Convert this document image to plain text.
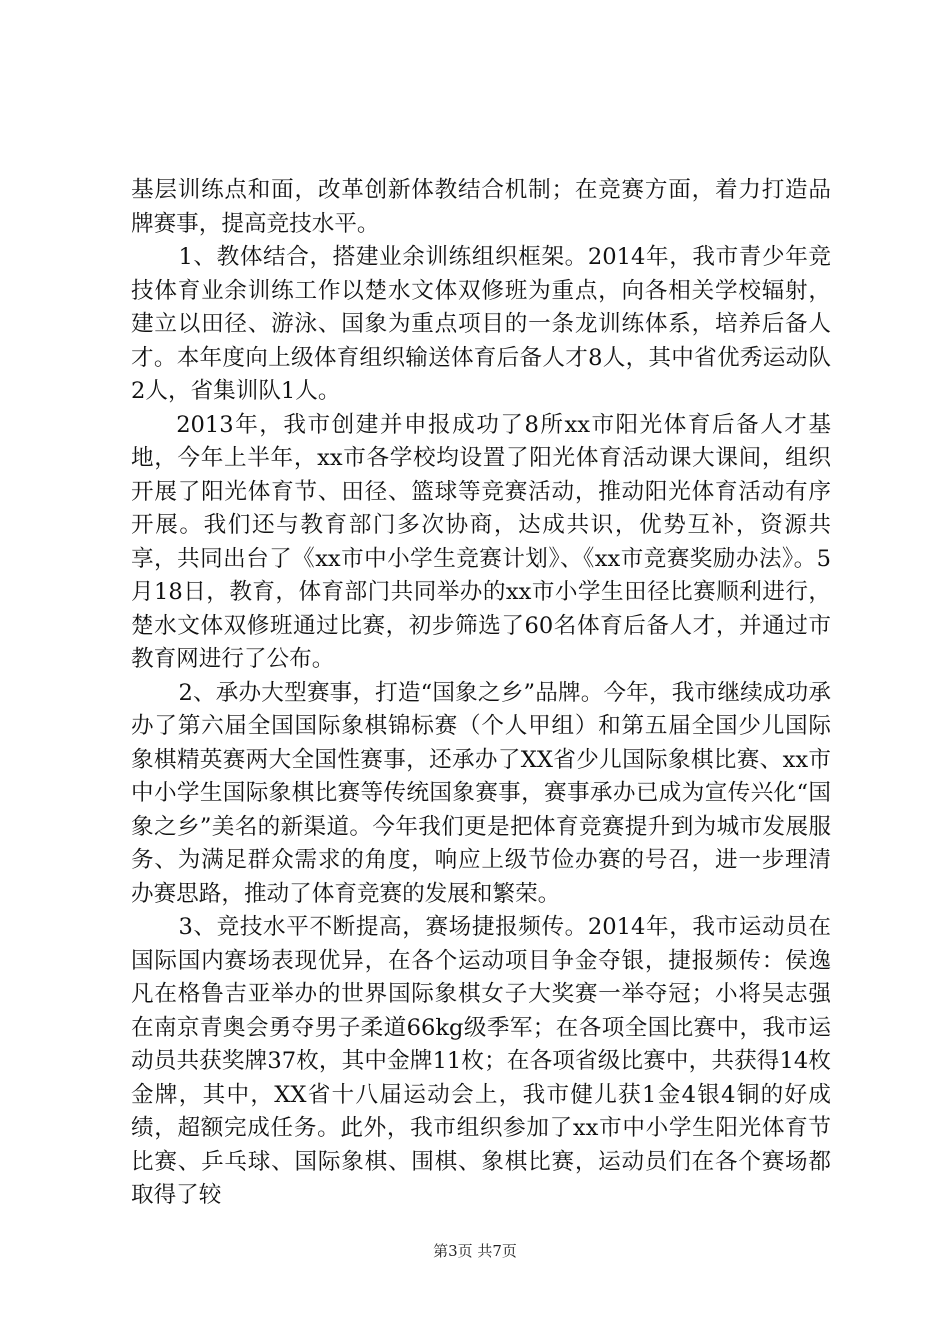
基层训练点和面，改革创新体教结合机制；在竞赛方面，着力打造品牌赛事，提高竞技水平。

1、教体结合，搭建业余训练组织框架。2014年，我市青少年竞技体育业余训练工作以楚水文体双修班为重点，向各相关学校辐射，建立以田径、游泳、国象为重点项目的一条龙训练体系，培养后备人才。本年度向上级体育组织输送体育后备人才8人，其中省优秀运动队2人，省集训队1人。

2013年，我市创建并申报成功了8所xx市阳光体育后备人才基地，今年上半年，xx市各学校均设置了阳光体育活动课大课间，组织开展了阳光体育节、田径、篮球等竞赛活动，推动阳光体育活动有序开展。我们还与教育部门多次协商，达成共识，优势互补，资源共享，共同出台了《xx市中小学生竞赛计划》、《xx市竞赛奖励办法》。5月18日，教育，体育部门共同举办的xx市小学生田径比赛顺利进行，楚水文体双修班通过比赛，初步筛选了60名体育后备人才，并通过市教育网进行了公布。

2、承办大型赛事，打造“国象之乡”品牌。今年，我市继续成功承办了第六届全国国际象棋锦标赛（个人甲组）和第五届全国少儿国际象棋精英赛两大全国性赛事，还承办了XX省少儿国际象棋比赛、xx市中小学生国际象棋比赛等传统国象赛事，赛事承办已成为宣传兴化“国象之乡”美名的新渠道。今年我们更是把体育竞赛提升到为城市发展服务、为满足群众需求的角度，响应上级节俭办赛的号召，进一步理清办赛思路，推动了体育竞赛的发展和繁荣。

3、竞技水平不断提高，赛场捷报频传。2014年，我市运动员在国际国内赛场表现优异，在各个运动项目争金夺银，捷报频传：侯逸凡在格鲁吉亚举办的世界国际象棋女子大奖赛一举夺冠；小将吴志强在南京青奥会勇夺男子柔道66kg级季军；在各项全国比赛中，我市运动员共获奖牌37枚，其中金牌11枚；在各项省级比赛中，共获得14枚金牌，其中，XX省十八届运动会上，我市健儿获1金4银4铜的好成绩，超额完成任务。此外，我市组织参加了xx市中小学生阳光体育节比赛、乒乓球、国际象棋、围棋、象棋比赛，运动员们在各个赛场都取得了较

第3页 共7页
